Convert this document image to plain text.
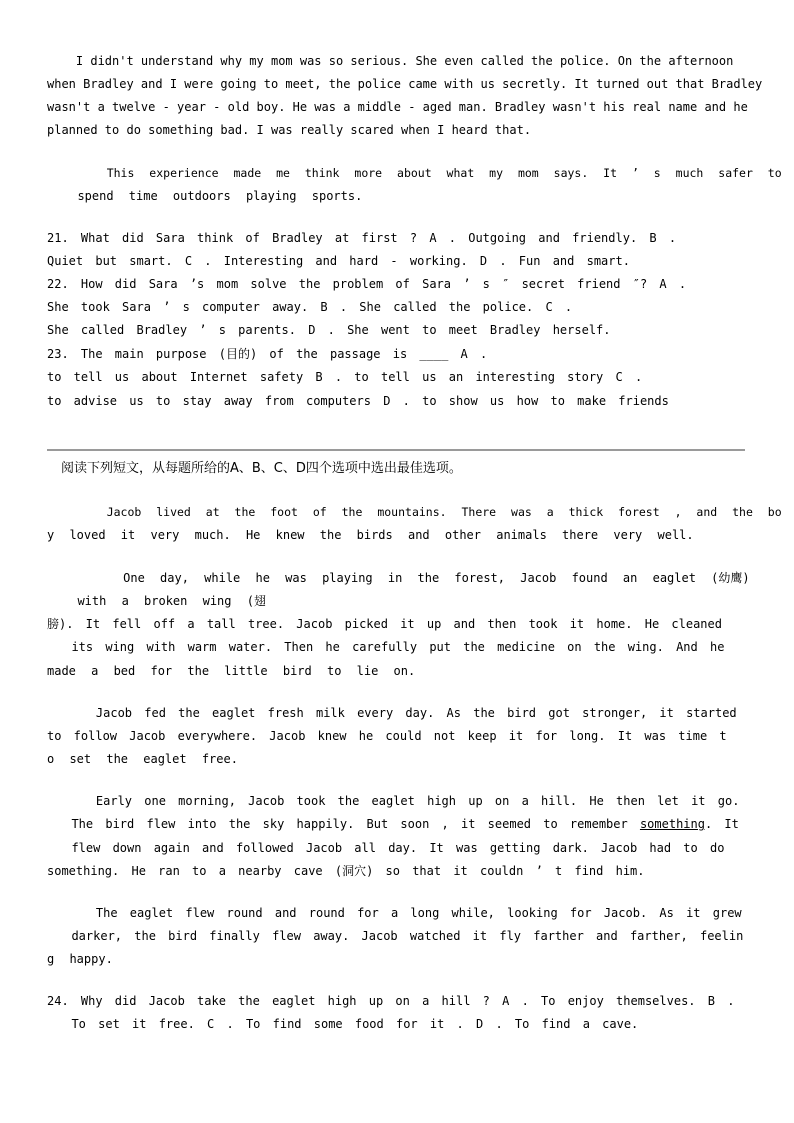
I didn't understand why my mom was so serious. She even called the police. On the afternoon
when Bradley and I were going to meet, the police came with us secretly. It turned out that Bradley
wasn't a twelve - year - old boy. He was a middle - aged man. Bradley wasn't his real name and he
planned to do something bad. I was really scared when I heard that.
This experience made me think more about what my mom says. It ’ s much safer to
spend time outdoors playing sports.
21. What did Sara think of Bradley at first ? A . Outgoing and friendly. B .
Quiet but smart. C . Interesting and hard - working. D . Fun and smart.
22. How did Sara ’s mom solve the problem of Sara ’ s ″ secret friend ″? A .
She took Sara ’ s computer away. B . She called the police. C .
She called Bradley ’ s parents. D . She went to meet Bradley herself.
23. The main purpose (目的) of the passage is ____ A .
to tell us about Internet safety B . to tell us an interesting story C .
to advise us to stay away from computers D . to show us how to make friends
阅读下列短文，从每题所给的A、B、C、D四个选项中选出最佳选项。
Jacob lived at the foot of the mountains. There was a thick forest , and the bo
y loved it very much. He knew the birds and other animals there very well.
One day, while he was playing in the forest, Jacob found an eaglet (幼鹰)
with a broken wing (翅
膀). It fell off a tall tree. Jacob picked it up and then took it home. He cleaned
its wing with warm water. Then he carefully put the medicine on the wing. And he
made a bed for the little bird to lie on.
Jacob fed the eaglet fresh milk every day. As the bird got stronger, it started
to follow Jacob everywhere. Jacob knew he could not keep it for long. It was time t
o set the eaglet free.
Early one morning, Jacob took the eaglet high up on a hill. He then let it go.
The bird flew into the sky happily. But soon , it seemed to remember something. It
flew down again and followed Jacob all day. It was getting dark. Jacob had to do
something. He ran to a nearby cave (洞穴) so that it couldn ’ t find him.
The eaglet flew round and round for a long while, looking for Jacob. As it grew
darker, the bird finally flew away. Jacob watched it fly farther and farther, feelin
g happy.
24. Why did Jacob take the eaglet high up on a hill ? A . To enjoy themselves. B .
To set it free. C . To find some food for it . D . To find a cave.
